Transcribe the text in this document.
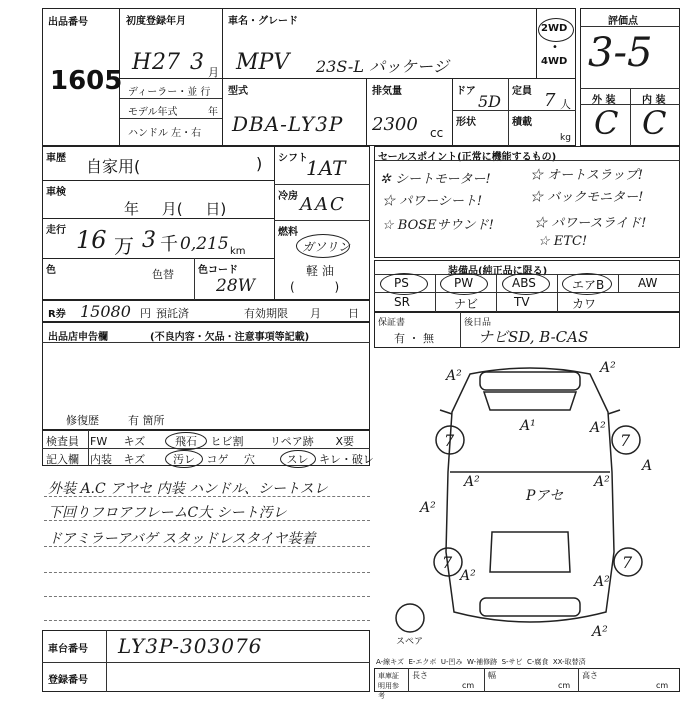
出品番号
1605
初度登録年月
H 27 3 月
ディーラー・並 行
モデル年式	年
ハンドル 左・右
車名・グレード
MPV 23S-L パッケージ
型式
DBA-LY3P
排気量
2300 cc
ドア
5D
定員 7 人
形状	積載
kg
2WD
•
4WD
評価点
3-5
外 装	内 装
C C
車歴 自家用(	)
車検
年 月( 日)
走行 16 万 3 千 0,215 km
色	色替 色コード
28W
シフト
1AT
冷房 AAC
燃料
ガソリン
軽 油
( )
セールスポイント(正常に機能するもの)
✲ シートモーター!	☆ オートスラップ!
☆ パワーシート!	☆ バックモニター!
☆ BOSEサウンド!	☆ パワースライド!
☆ ETC!
装備品(純正品に限る)
PS	PW	ABS	エアB	AW
SR	ナビ	TV	カワ
R券 15080 円 預託済	有効期限 月 日
出品店申告欄	(不良内容・欠品・注意事項等記載)
修復歴	有 箇所
保証書
有 ・ 無
後日品
ナビSD, B-CAS
検査員
記入欄
FW キズ	飛石 ヒビ割 リペア跡 X要
内装 キズ	汚レ コゲ 穴	スレ キレ・破レ
外装 A.C アヤセ 内装 ハンドル、シートスレ
下回りフロアフレームC大 シート汚レ
ドアミラーアバゲ スタッドレスタイヤ装着
A²	A²
A¹	A²
A²
Pアセ
A²
A²
A
A²	A²
A²
7	7
7	7
スペア
車台番号 LY3P-303076
登録番号
A-線キズ  E-エクボ  U-凹み  W-補修跡  S-サビ  C-腐食  XX-取替済
車庫証明用参考
長さ
cm
幅
cm
高さ
cm
